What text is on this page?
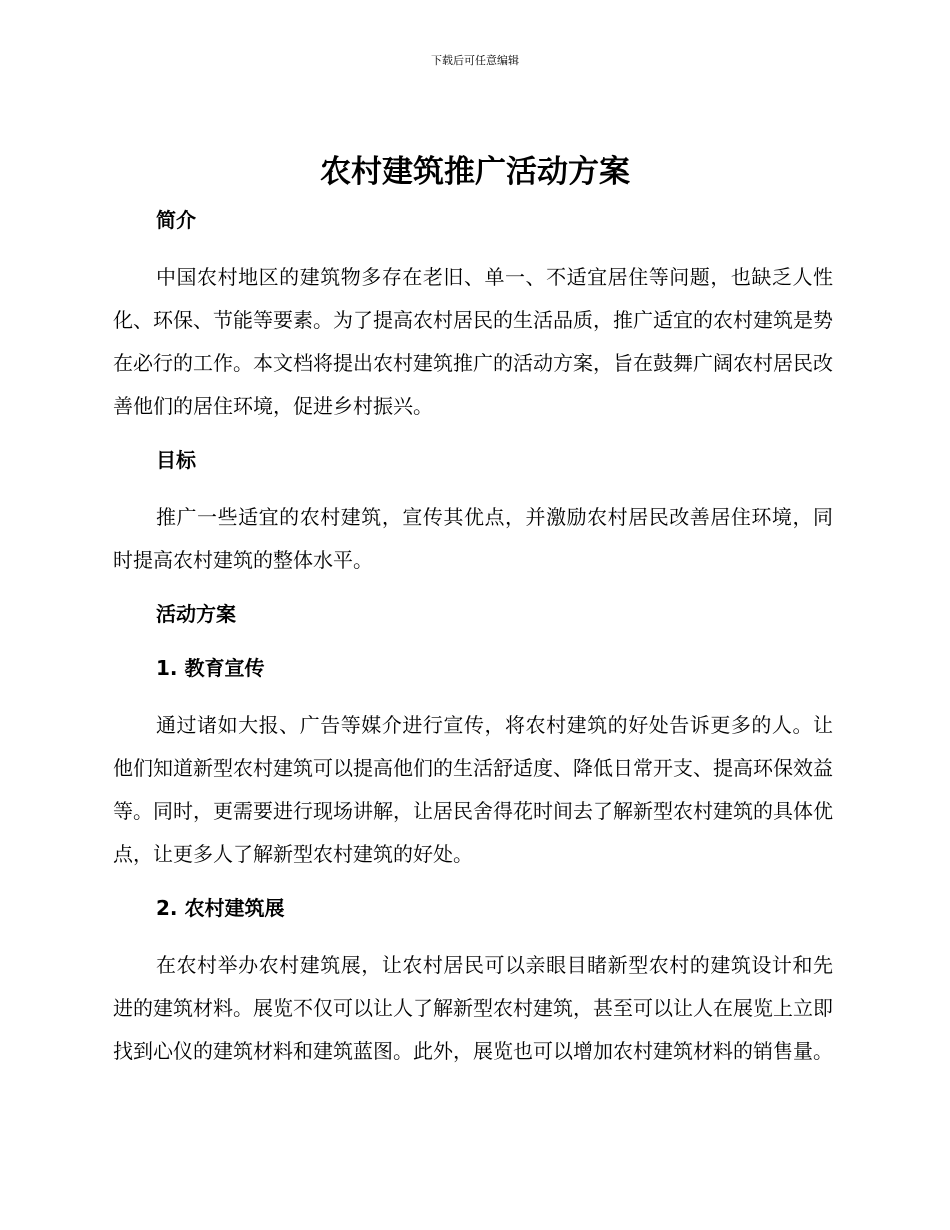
下载后可任意编辑
农村建筑推广活动方案
简介

中国农村地区的建筑物多存在老旧、单一、不适宜居住等问题，也缺乏人性化、环保、节能等要素。为了提高农村居民的生活品质，推广适宜的农村建筑是势在必行的工作。本文档将提出农村建筑推广的活动方案，旨在鼓舞广阔农村居民改善他们的居住环境，促进乡村振兴。

目标

推广一些适宜的农村建筑，宣传其优点，并激励农村居民改善居住环境，同时提高农村建筑的整体水平。

活动方案
1. 教育宣传

通过诸如大报、广告等媒介进行宣传，将农村建筑的好处告诉更多的人。让他们知道新型农村建筑可以提高他们的生活舒适度、降低日常开支、提高环保效益等。同时，更需要进行现场讲解，让居民舍得花时间去了解新型农村建筑的具体优点，让更多人了解新型农村建筑的好处。

2. 农村建筑展

在农村举办农村建筑展，让农村居民可以亲眼目睹新型农村的建筑设计和先进的建筑材料。展览不仅可以让人了解新型农村建筑，甚至可以让人在展览上立即找到心仪的建筑材料和建筑蓝图。此外，展览也可以增加农村建筑材料的销售量。
